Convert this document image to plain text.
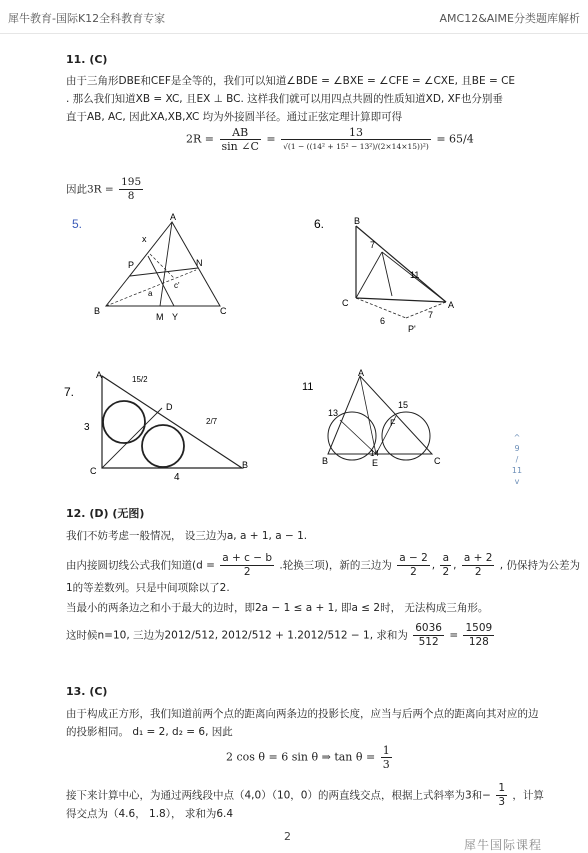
犀牛教育-国际K12全科教育专家	AMC12&AIME分类题库解析
11. (C)
由于三角形DBE和CEF是全等的，我们可以知道∠BDE = ∠BXE = ∠CFE = ∠CXE, 且BE = CE
. 那么我们知道XB = XC, 且EX ⊥ BC. 这样我们就可以用四点共圆的性质知道XD, XF也分别垂
直于AB, AC, 因此XA,XB,XC 均为外接圆半径。通过正弦定理计算即可得
$2R = \frac{AB}{\sin \angle C} = \frac{13}{\text{√(1 − ((14² + 15² − 13²)/(2×14×15))²)}} = 65/4$
因此$3R = \frac{195}{8}$
5.	A
B	C
P	N
x
M Y
a
c'
6.	B
C	A
P'
7
11
6
7
7.
A
C
B
D
3
4
15/2
2/7
11
A
B	C
E
F
13
15
14
^
9
/
11
v
12. (D) (无图)
我们不妨考虑一般情况， 设三边为a, a + 1, a − 1.
由内接圆切线公式我们知道($d = \frac{a + c - b}{2}$ .轮换三项)，新的三边为 $\frac{a - 2}{2}$ , $\frac{a}{2}$ , $\frac{a + 2}{2}$ , 仍保持为公差为
1的等差数列。只是中间项除以了2.
当最小的两条边之和小于最大的边时，即2a − 1 ≤ a + 1, 即a ≤ 2时， 无法构成三角形。
这时候n=10, 三边为2012/512, 2012/512 + 1.2012/512 − 1, 求和为 $\frac{6036}{512} = \frac{1509}{128}$
13. (C)
由于构成正方形，我们知道前两个点的距离向两条边的投影长度，应当与后两个点的距离向其对应的边
的投影相同。 d₁ = 2, d₂ = 6, 因此
2 cos θ = 6 sin θ ⇒ $\tan \theta = \frac{1}{3}$
接下来计算中心，为通过两线段中点（4,0）（10，0）的两直线交点，根据上式斜率为3和− $\frac{1}{3}$ ，计算
得交点为（4.6， 1.8）， 求和为6.4
2
犀牛国际课程
